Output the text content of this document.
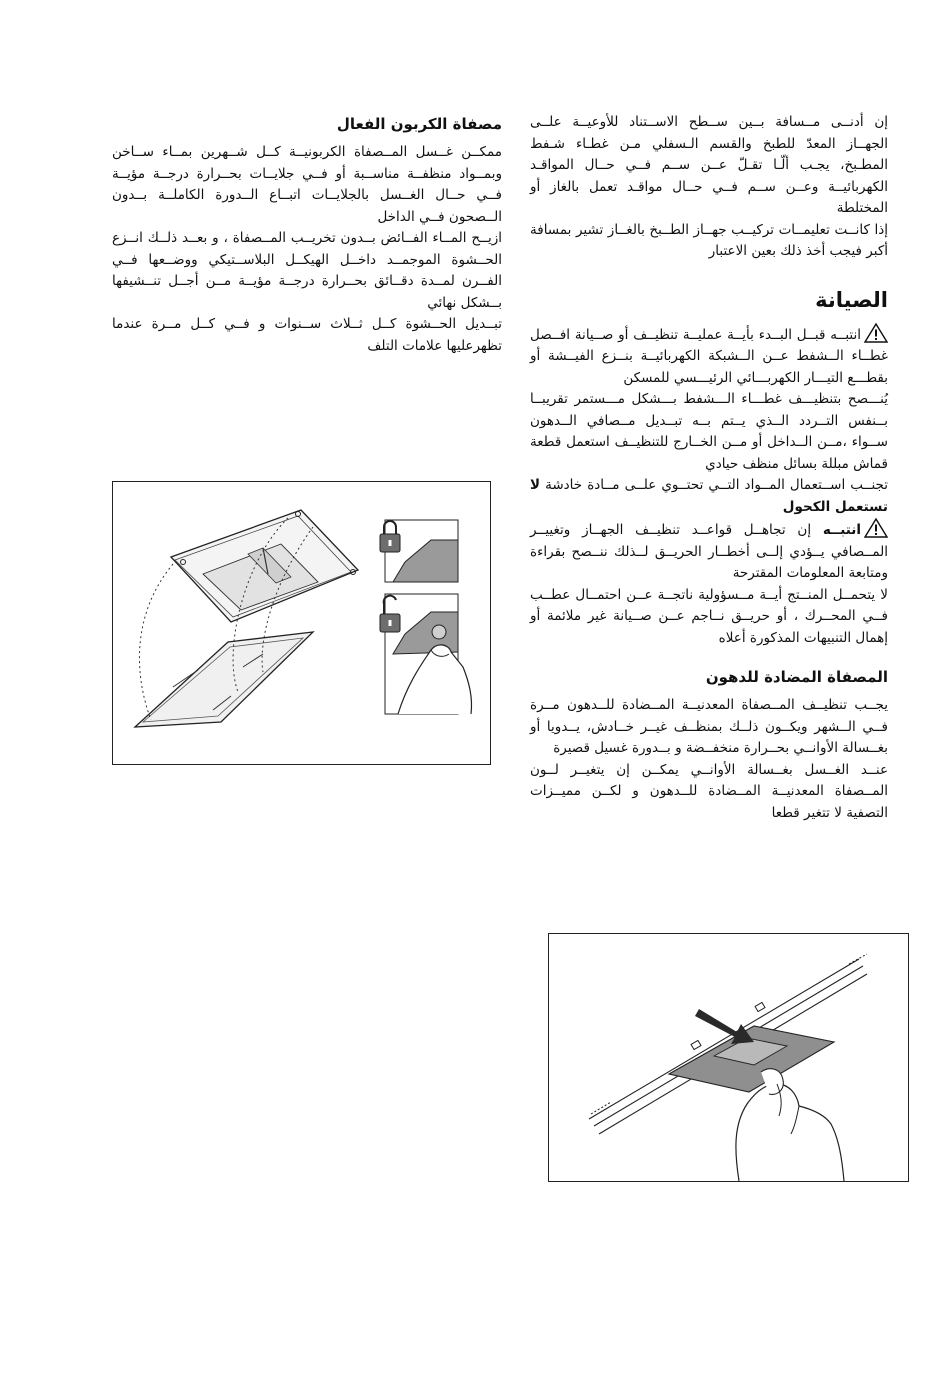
إن أدنــى مــسافة بــين ســطح الاســتناد للأوعيــة علــى الجهــاز المعدّ للطبخ والقسم الـسفلي مـن غطـاء شـفط المطـبخ، يجـب ألّـا تقـلّ عــن ســم فــي حــال المواقـد الكهربائيــة وعــن ســم فــي حــال مواقـد تعمل بالغاز أو المختلطة

إذا كانــت تعليمــات تركيــب جهــاز الطــبخ بالغــاز تشير بمسافة أكبر فيجب أخذ ذلك بعين الاعتبار

الصيانة

انتبــه قبــل البــدء بأيــة عمليــة تنظيــف أو صــيانة افــصل غطــاء الــشفط عــن الــشبكة الكهربائيــة بنــزع الفيــشة أو بقطـــع التيـــار الكهربـــائي الرئيـــسي للمسكن

يُنـــصح بتنظيـــف غطـــاء الـــشفط بـــشكل مـــستمر تقريبــا بــنفس التــردد الــذي يــتم بــه تبــديل مــصافي الــدهون ســواء ،مــن الــداخل أو مــن الخــارج للتنظيــف استعمل قطعة قماش مبللة بسائل منظف حيادي

تجنــب اســتعمال المــواد التــي تحتــوي علــى مــادة خادشة لا تستعمل الكحول

انتبــه إن تجاهــل قواعــد تنظيــف الجهــاز وتغييــر المــصافي يــؤدي إلــى أخطــار الحريــق لــذلك ننــصح بقراءة ومتابعة المعلومات المقترحة

لا يتحمــل المنــتج أيــة مــسؤولية ناتجــة عــن احتمــال عطــب فــي المحــرك ، أو حريــق نــاجم عــن صــيانة غير ملائمة أو إهمال التنبيهات المذكورة أعلاه

المصفاة المضادة للدهون

يجــب تنظيــف المــصفاة المعدنيــة المــضادة للــدهون مــرة فــي الــشهر ويكــون ذلــك بمنظــف غيــر خــادش، يــدويا أو بغــسالة الأوانــي بحــرارة منخفــضة و بــدورة غسيل قصيرة

عنــد الغــسل بغــسالة الأوانــي يمكــن إن يتغيــر لــون المــصفاة المعدنيــة المــضادة للــدهون و لكــن مميــزات التصفية لا تتغير قطعا

مصفاة الكربون الفعال

ممكــن غــسل المــصفاة الكربونيــة كــل شــهرين بمــاء ســاخن وبمــواد منظفــة مناســبة أو فــي جلايــات بحــرارة درجــة مؤيــة فــي حــال الغــسل بالجلايــات اتبــاع الــدورة الكاملــة بــدون الــصحون فــي الداخل

ازيــح المــاء الفــائض بــدون تخريــب المــصفاة ، و بعــد ذلــك انــزع الحــشوة الموجمــد داخــل الهيكــل البلاســتيكي ووضــعها فــي الفــرن لمــدة دقــائق بحــرارة درجــة مؤيــة مــن أجــل تنــشيفها بــشكل نهائي

تبــديل الحــشوة كــل ثــلاث ســنوات و فــي كــل مــرة عندما تظهرعليها علامات التلف
